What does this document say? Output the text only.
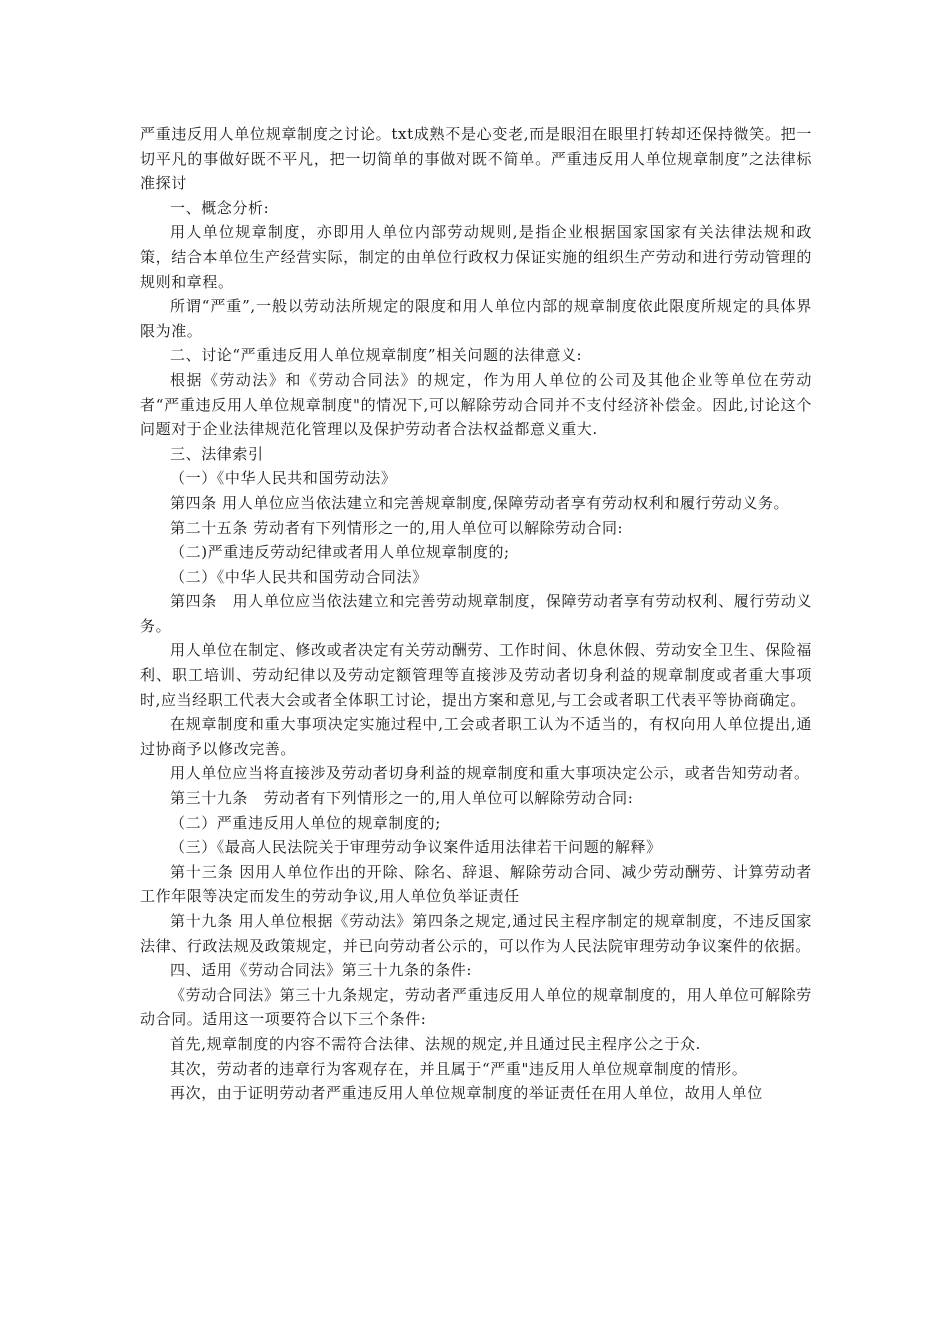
严重违反用人单位规章制度之讨论。txt成熟不是心变老,而是眼泪在眼里打转却还保持微笑。把一切平凡的事做好既不平凡，把一切简单的事做对既不简单。严重违反用人单位规章制度”之法律标准探讨

一、概念分析:

用人单位规章制度，亦即用人单位内部劳动规则,是指企业根据国家国家有关法律法规和政策，结合本单位生产经营实际，制定的由单位行政权力保证实施的组织生产劳动和进行劳动管理的规则和章程。

所谓“严重”,一般以劳动法所规定的限度和用人单位内部的规章制度依此限度所规定的具体界限为准。

二、讨论“严重违反用人单位规章制度”相关问题的法律意义:

根据《劳动法》和《劳动合同法》的规定，作为用人单位的公司及其他企业等单位在劳动者“严重违反用人单位规章制度"的情况下,可以解除劳动合同并不支付经济补偿金。因此,讨论这个问题对于企业法律规范化管理以及保护劳动者合法权益都意义重大.

三、法律索引

（一）《中华人民共和国劳动法》

第四条 用人单位应当依法建立和完善规章制度,保障劳动者享有劳动权利和履行劳动义务。

第二十五条 劳动者有下列情形之一的,用人单位可以解除劳动合同:

（二)严重违反劳动纪律或者用人单位规章制度的;

（二）《中华人民共和国劳动合同法》

第四条　用人单位应当依法建立和完善劳动规章制度，保障劳动者享有劳动权利、履行劳动义务。

用人单位在制定、修改或者决定有关劳动酬劳、工作时间、休息休假、劳动安全卫生、保险福利、职工培训、劳动纪律以及劳动定额管理等直接涉及劳动者切身利益的规章制度或者重大事项时,应当经职工代表大会或者全体职工讨论，提出方案和意见,与工会或者职工代表平等协商确定。

在规章制度和重大事项决定实施过程中,工会或者职工认为不适当的，有权向用人单位提出,通过协商予以修改完善。

用人单位应当将直接涉及劳动者切身利益的规章制度和重大事项决定公示，或者告知劳动者。

第三十九条　劳动者有下列情形之一的,用人单位可以解除劳动合同:

（二）严重违反用人单位的规章制度的;

（三）《最高人民法院关于审理劳动争议案件适用法律若干问题的解释》

第十三条 因用人单位作出的开除、除名、辞退、解除劳动合同、减少劳动酬劳、计算劳动者工作年限等决定而发生的劳动争议,用人单位负举证责任

第十九条 用人单位根据《劳动法》第四条之规定,通过民主程序制定的规章制度，不违反国家法律、行政法规及政策规定，并已向劳动者公示的，可以作为人民法院审理劳动争议案件的依据。

四、适用《劳动合同法》第三十九条的条件:

《劳动合同法》第三十九条规定，劳动者严重违反用人单位的规章制度的，用人单位可解除劳动合同。适用这一项要符合以下三个条件:

首先,规章制度的内容不需符合法律、法规的规定,并且通过民主程序公之于众.

其次，劳动者的违章行为客观存在，并且属于“严重"违反用人单位规章制度的情形。

再次，由于证明劳动者严重违反用人单位规章制度的举证责任在用人单位，故用人单位
